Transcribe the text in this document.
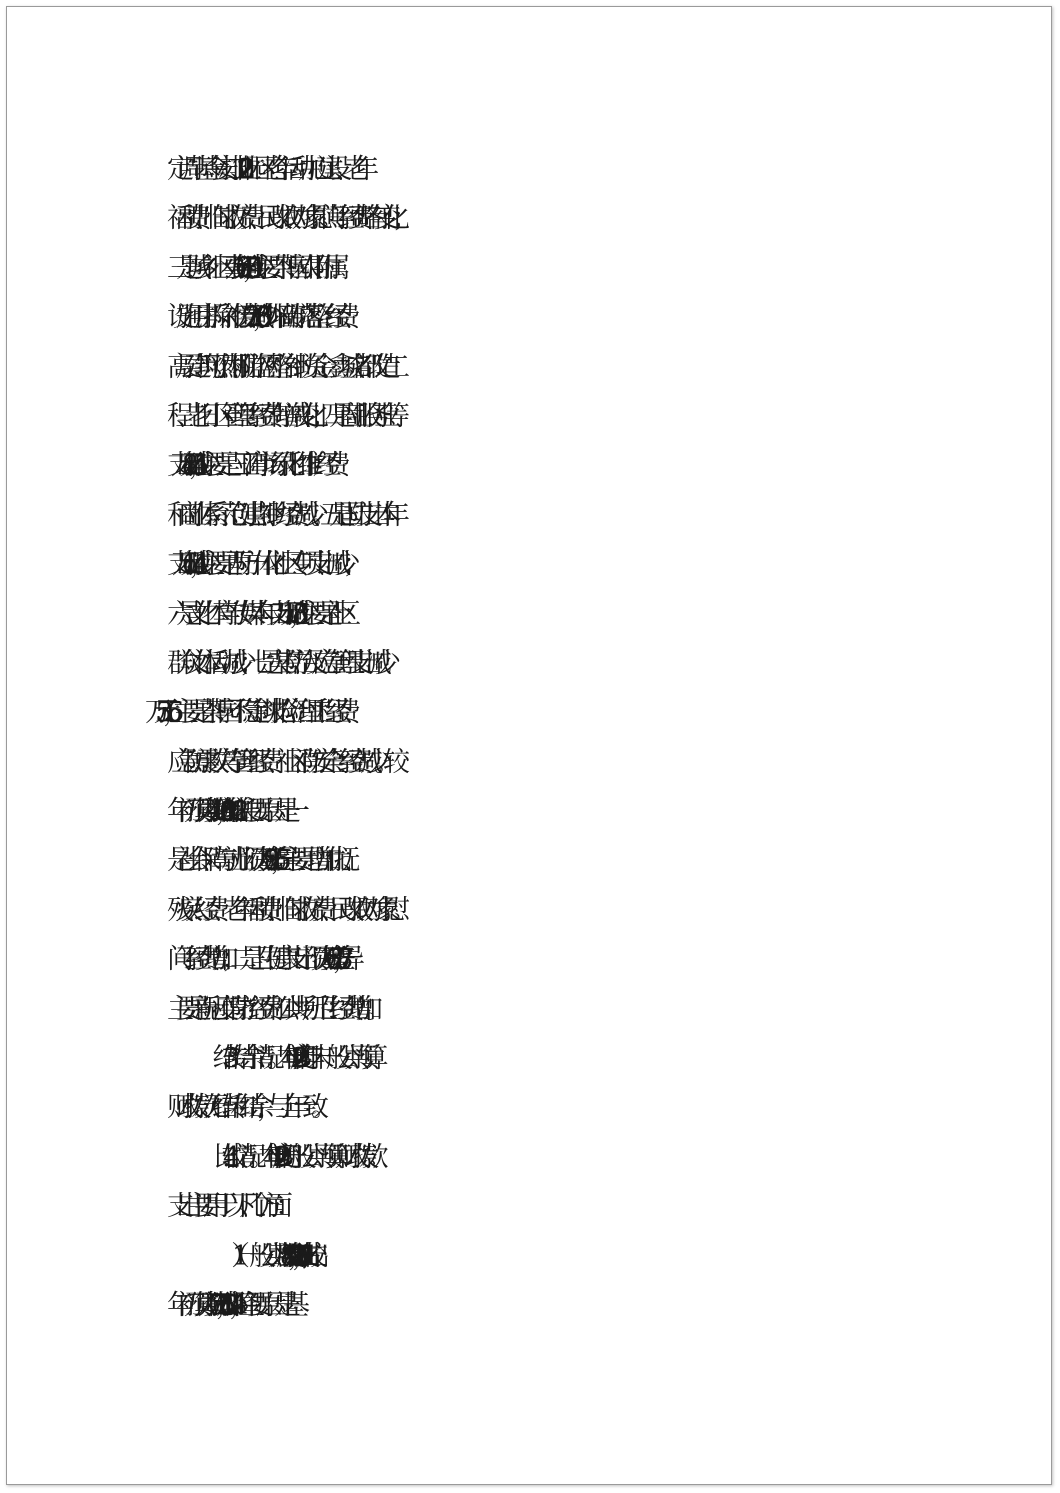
定调节基金安排、2022 工业园区老年活动中心建设、老年
福利费、临时救济费、民政救助对象慰问等经费略有变化；
三是城乡社区事务减少 459.26 万元，主要茶博园农用附属
设施用房拆除补偿费减少 568.2 万元，外墙砖脱落整治经费、
高层建筑可燃雨棚防盗网整治补助资金、鑫城名都改造工
程、老旧小区管理等经费有增减变化；四是商业服务业等
支出减少 145.84 万元，主要是三亚湾市场绿化和维护经费
和商业体系示范创建点补助经费减少。五是国防支出本年
支出减少 14.16 万元，主要是两防一体化社区专项支出减少；
六是文化体育与传媒本年支出减少 58.1 万元，主要是社区
群众文体活动减少；七是灾害防治及应急管理支出减少
65.35 万元，主要是茶博园不稳定斜坡抢险治理工程经费、
应急防震救灾等管理经费、社区消防安全等经费减少。较
年初预算数增加 896.14 万元，增长 12.1%。主要原因是一
是社会保障与就业预决算差异 56.89 万元，主要是增加优抚、
残疾人经费、老年福利费、临时救济费、民政救助对象慰
问等经费增加；二是卫生健康支出预决算差异 778.86 万元，
主要是新冠疫情防控经费和公共场所卫生经费增加。
3.结转结余情况。本部门 2022 年度年末一般公共预算
财政拨款无结转和结余，与上年一致。
4.比较情况。本部门 2022 年度一般公共预算财政拨款
支出主要用于以下几个方面：
（1）一般公共服务支出 1,192.48 万元，占 16.9%，较
年初预算数减少 151.70 万元，下降 11.3%，主要原因是基
